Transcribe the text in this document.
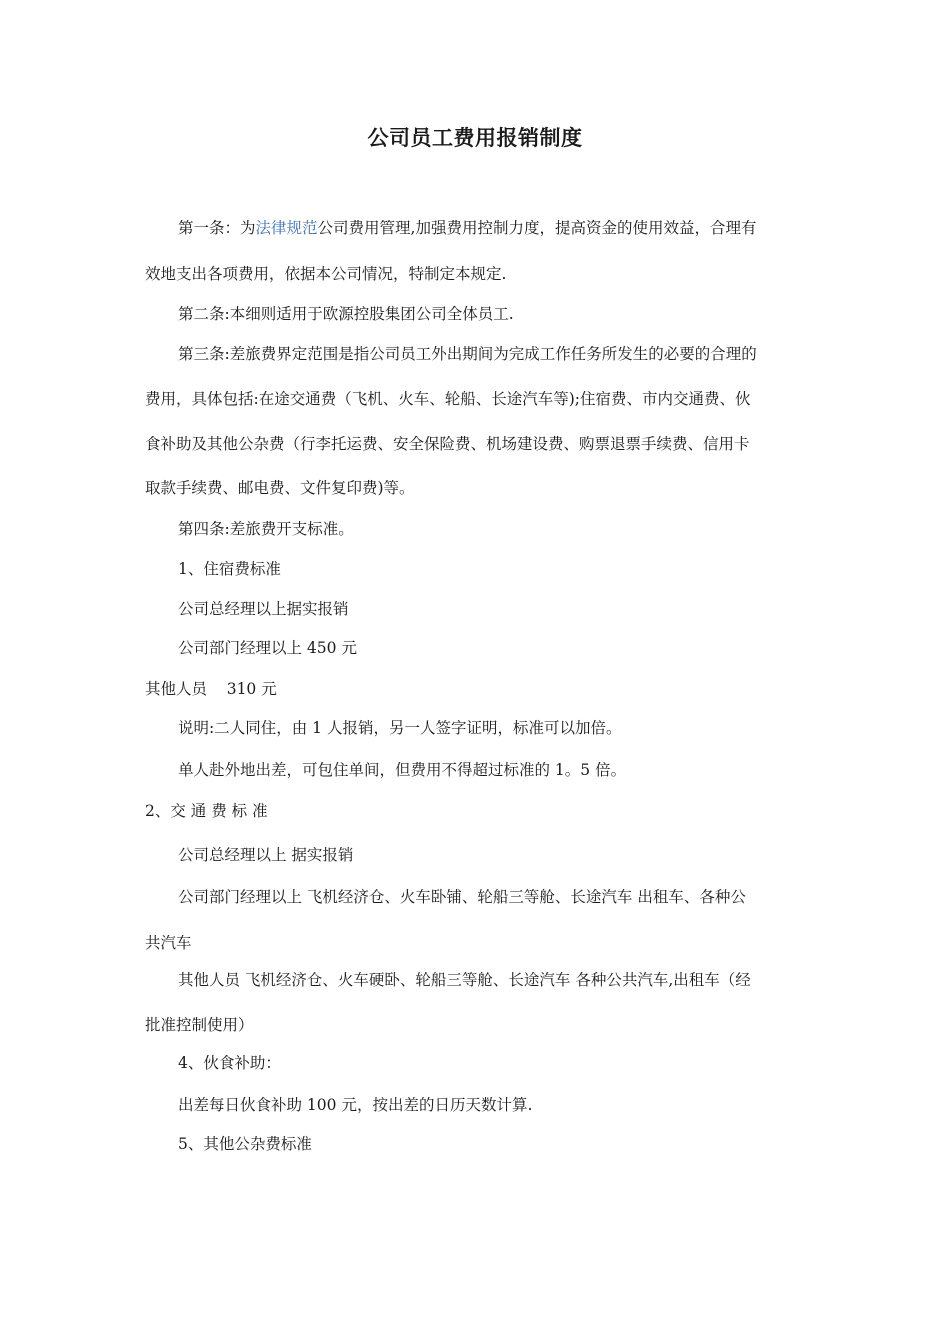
公司员工费用报销制度
第一条：为法律规范公司费用管理,加强费用控制力度，提高资金的使用效益，合理有
效地支出各项费用，依据本公司情况，特制定本规定.
第二条:本细则适用于欧源控股集团公司全体员工.
第三条:差旅费界定范围是指公司员工外出期间为完成工作任务所发生的必要的合理的
费用，具体包括:在途交通费（飞机、火车、轮船、长途汽车等);住宿费、市内交通费、伙
食补助及其他公杂费（行李托运费、安全保险费、机场建设费、购票退票手续费、信用卡
取款手续费、邮电费、文件复印费)等。
第四条:差旅费开支标准。
1、住宿费标准
公司总经理以上据实报销
公司部门经理以上 450 元
其他人员    310 元
说明:二人同住，由 1 人报销，另一人签字证明，标准可以加倍。
单人赴外地出差，可包住单间，但费用不得超过标准的 1。5 倍。
2、交 通 费 标 准
公司总经理以上 据实报销
公司部门经理以上 飞机经济仓、火车卧铺、轮船三等舱、长途汽车 出租车、各种公
共汽车
其他人员 飞机经济仓、火车硬卧、轮船三等舱、长途汽车 各种公共汽车,出租车（经
批准控制使用）
4、伙食补助：
出差每日伙食补助 100 元，按出差的日历天数计算.
5、其他公杂费标准
